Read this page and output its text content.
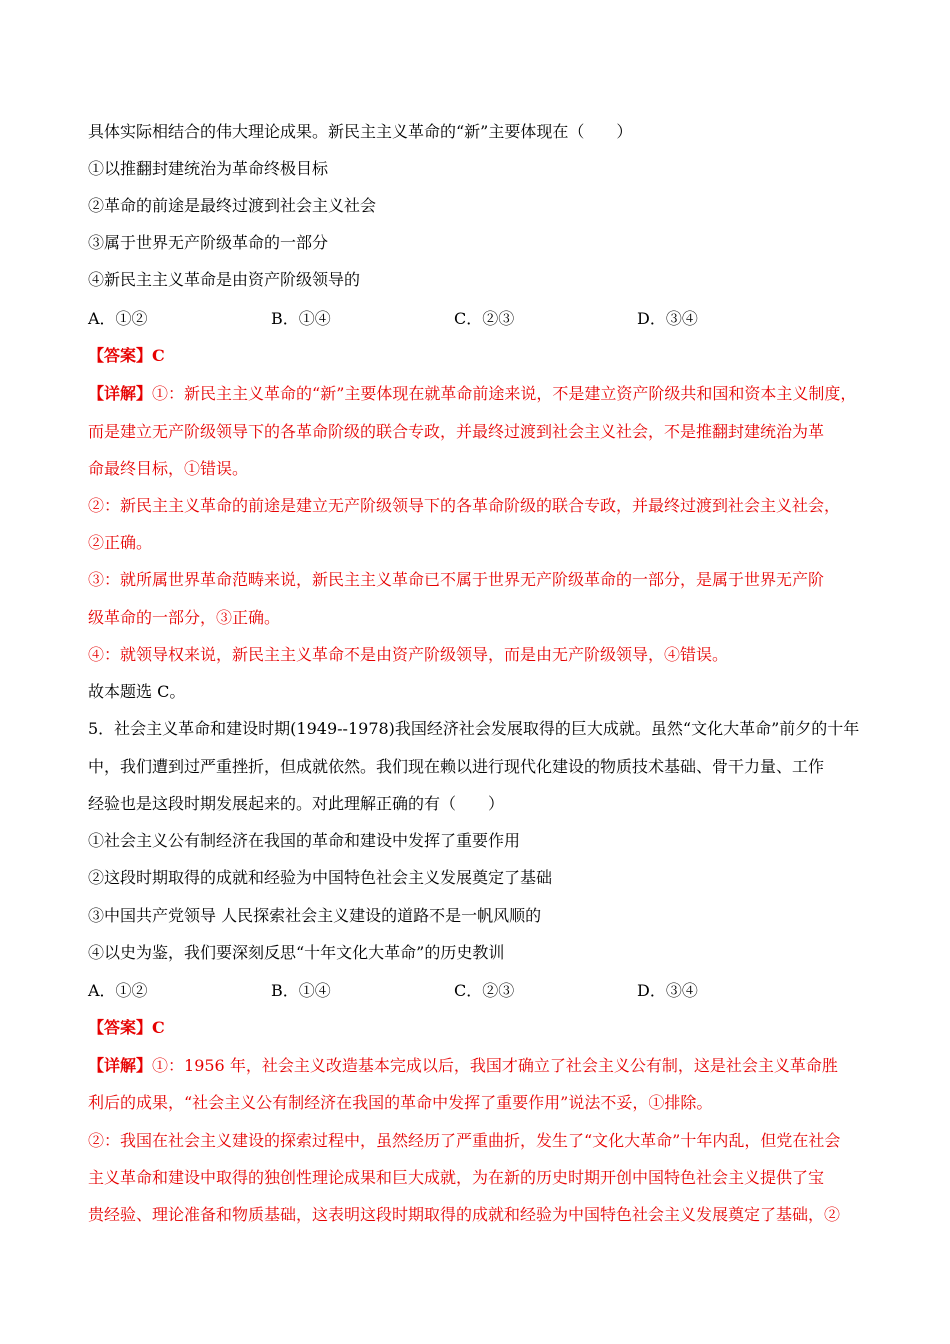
具体实际相结合的伟大理论成果。新民主主义革命的“新”主要体现在（　　）
①以推翻封建统治为革命终极目标
②革命的前途是最终过渡到社会主义社会
③属于世界无产阶级革命的一部分
④新民主主义革命是由资产阶级领导的
A．①②	B．①④	C．②③	D．③④
【答案】C
【详解】①：新民主主义革命的“新”主要体现在就革命前途来说，不是建立资产阶级共和国和资本主义制度，
而是建立无产阶级领导下的各革命阶级的联合专政，并最终过渡到社会主义社会，不是推翻封建统治为革
命最终目标，①错误。
②：新民主主义革命的前途是建立无产阶级领导下的各革命阶级的联合专政，并最终过渡到社会主义社会，
②正确。
③：就所属世界革命范畴来说，新民主主义革命已不属于世界无产阶级革命的一部分，是属于世界无产阶
级革命的一部分，③正确。
④：就领导权来说，新民主主义革命不是由资产阶级领导，而是由无产阶级领导，④错误。
故本题选 C。
5．社会主义革命和建设时期(1949--1978)我国经济社会发展取得的巨大成就。虽然“文化大革命”前夕的十年
中，我们遭到过严重挫折，但成就依然。我们现在赖以进行现代化建设的物质技术基础、骨干力量、工作
经验也是这段时期发展起来的。对此理解正确的有（　　）
①社会主义公有制经济在我国的革命和建设中发挥了重要作用
②这段时期取得的成就和经验为中国特色社会主义发展奠定了基础
③中国共产党领导 人民探索社会主义建设的道路不是一帆风顺的
④以史为鉴，我们要深刻反思“十年文化大革命”的历史教训
A．①②	B．①④	C．②③	D．③④
【答案】C
【详解】①：1956 年，社会主义改造基本完成以后，我国才确立了社会主义公有制，这是社会主义革命胜
利后的成果，“社会主义公有制经济在我国的革命中发挥了重要作用”说法不妥，①排除。
②：我国在社会主义建设的探索过程中，虽然经历了严重曲折，发生了“文化大革命”十年内乱，但党在社会
主义革命和建设中取得的独创性理论成果和巨大成就，为在新的历史时期开创中国特色社会主义提供了宝
贵经验、理论准备和物质基础，这表明这段时期取得的成就和经验为中国特色社会主义发展奠定了基础，②
